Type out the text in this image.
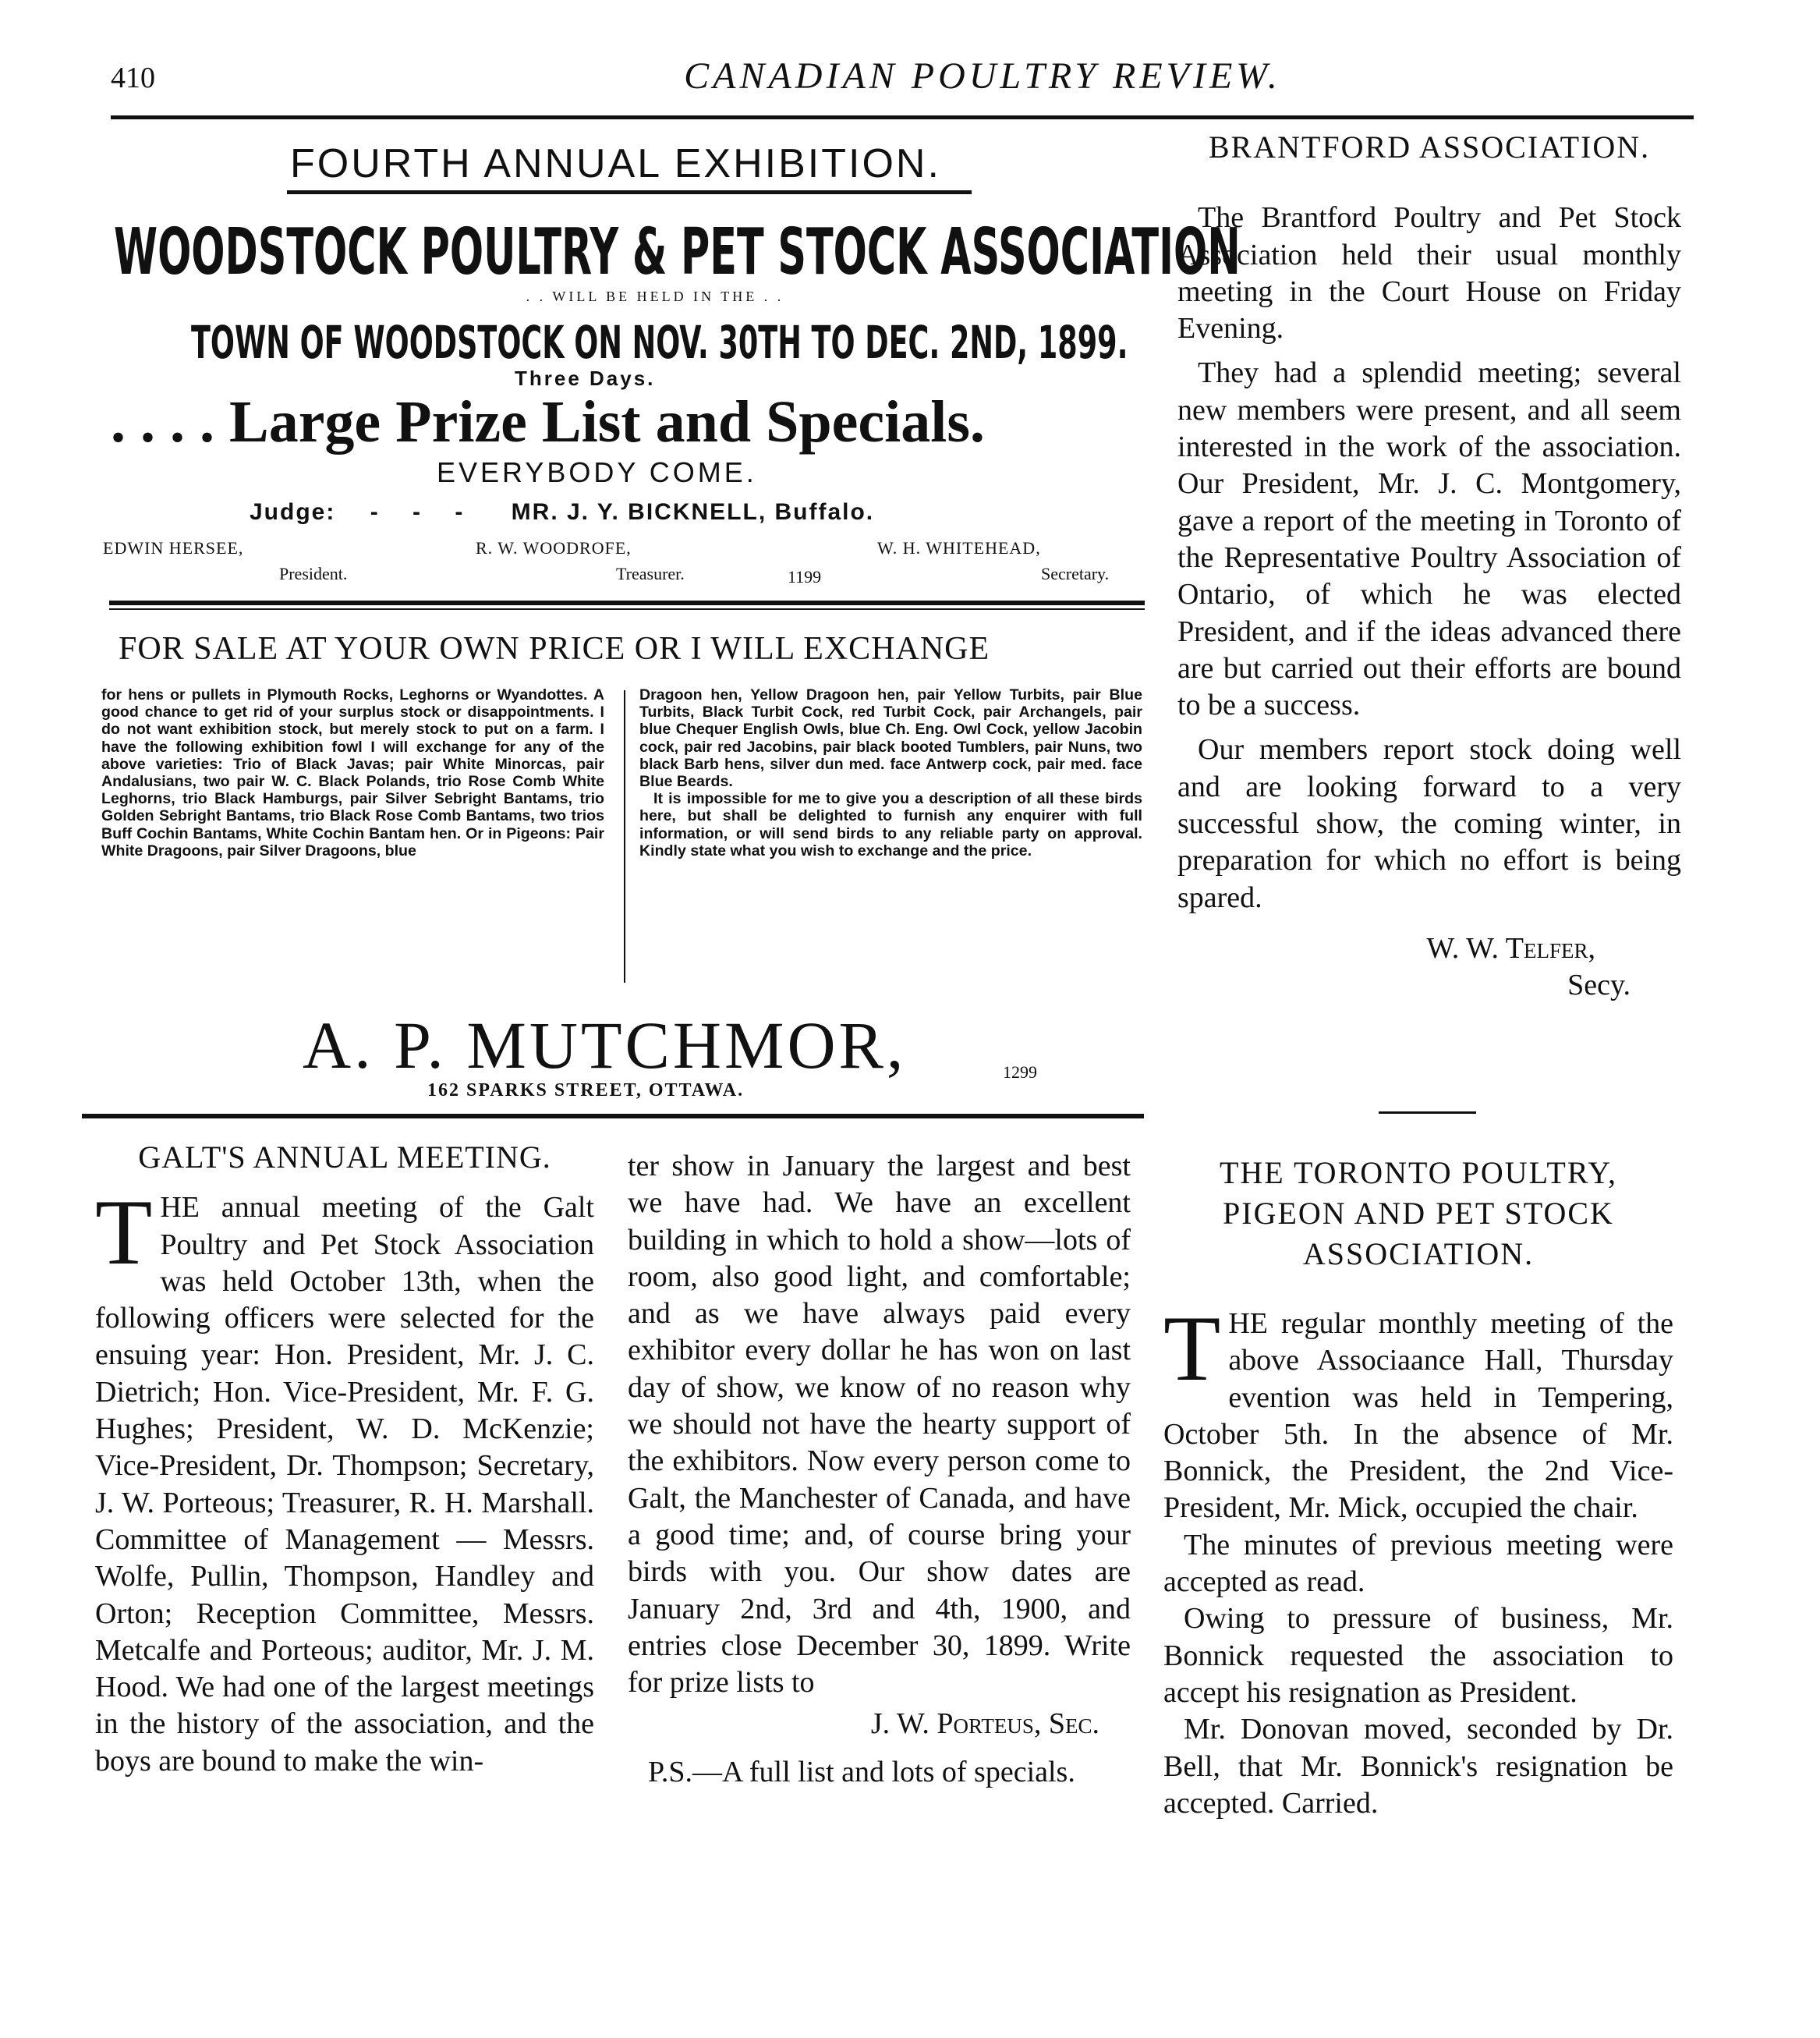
410	CANADIAN POULTRY REVIEW.
FOURTH ANNUAL EXHIBITION.
WOODSTOCK POULTRY & PET STOCK ASSOCIATION
. . WILL BE HELD IN THE . .
TOWN OF WOODSTOCK ON NOV. 30TH TO DEC. 2ND, 1899.
Three Days.
. . . . Large Prize List and Specials.
EVERYBODY COME.
Judge: - - - MR. J. Y. BICKNELL, Buffalo.
EDWIN HERSEE,
President.
R. W. WOODROFE,
Treasurer.	1199
W. H. WHITEHEAD,
Secretary.
FOR SALE AT YOUR OWN PRICE OR I WILL EXCHANGE
for hens or pullets in Plymouth Rocks, Leghorns or Wyandottes. A good chance to get rid of your surplus stock or disappointments. I do not want exhibition stock, but merely stock to put on a farm. I have the following exhibition fowl I will exchange for any of the above varieties: Trio of Black Javas; pair White Minorcas, pair Andalusians, two pair W. C. Black Polands, trio Rose Comb White Leghorns, trio Black Hamburgs, pair Silver Sebright Bantams, trio Golden Sebright Bantams, trio Black Rose Comb Bantams, two trios Buff Cochin Bantams, White Cochin Bantam hen. Or in Pigeons: Pair White Dragoons, pair Silver Dragoons, blue
Dragoon hen, Yellow Dragoon hen, pair Yellow Turbits, pair Blue Turbits, Black Turbit Cock, red Turbit Cock, pair Archangels, pair blue Chequer English Owls, blue Ch. Eng. Owl Cock, yellow Jacobin cock, pair red Jacobins, pair black booted Tumblers, pair Nuns, two black Barb hens, silver dun med. face Antwerp cock, pair med. face Blue Beards.
It is impossible for me to give you a description of all these birds here, but shall be delighted to furnish any enquirer with full information, or will send birds to any reliable party on approval. Kindly state what you wish to exchange and the price.
A. P. MUTCHMOR,	1299
162 SPARKS STREET, OTTAWA.
BRANTFORD ASSOCIATION.

The Brantford Poultry and Pet Stock Association held their usual monthly meeting in the Court House on Friday Evening.

They had a splendid meeting; several new members were present, and all seem interested in the work of the association. Our President, Mr. J. C. Montgomery, gave a report of the meeting in Toronto of the Representative Poultry Association of Ontario, of which he was elected President, and if the ideas advanced there are but carried out their efforts are bound to be a success.

Our members report stock doing well and are looking forward to a very successful show, the coming winter, in preparation for which no effort is being spared.

W. W. Telfer,
Secy.
GALT'S ANNUAL MEETING.

T HE annual meeting of the Galt Poultry and Pet Stock Association was held October 13th, when the following officers were selected for the ensuing year: Hon. President, Mr. J. C. Dietrich; Hon. Vice-President, Mr. F. G. Hughes; President, W. D. McKenzie; Vice-President, Dr. Thompson; Secretary, J. W. Porteous; Treasurer, R. H. Marshall. Committee of Management — Messrs. Wolfe, Pullin, Thompson, Handley and Orton; Reception Committee, Messrs. Metcalfe and Porteous; auditor, Mr. J. M. Hood. We had one of the largest meetings in the history of the association, and the boys are bound to make the win-

ter show in January the largest and best we have had. We have an excellent building in which to hold a show—lots of room, also good light, and comfortable; and as we have always paid every exhibitor every dollar he has won on last day of show, we know of no reason why we should not have the hearty support of the exhibitors. Now every person come to Galt, the Manchester of Canada, and have a good time; and, of course bring your birds with you. Our show dates are January 2nd, 3rd and 4th, 1900, and entries close December 30, 1899. Write for prize lists to

J. W. Porteus, Sec.

P.S.—A full list and lots of specials.

THE TORONTO POULTRY,
PIGEON AND PET STOCK
ASSOCIATION.

T HE regular monthly meeting of the above Associaance Hall, Thursday evention was held in Tempering, October 5th. In the absence of Mr. Bonnick, the President, the 2nd Vice-President, Mr. Mick, occupied the chair.

The minutes of previous meeting were accepted as read.

Owing to pressure of business, Mr. Bonnick requested the association to accept his resignation as President.

Mr. Donovan moved, seconded by Dr. Bell, that Mr. Bonnick's resignation be accepted. Carried.
